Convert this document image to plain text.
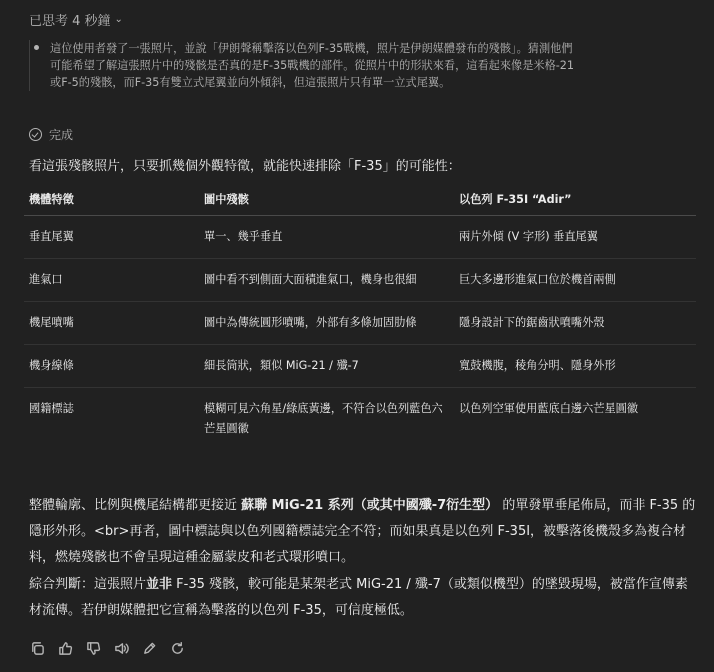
已思考 4 秒鐘 ⌄
這位使用者發了一張照片，並說「伊朗聲稱擊落以色列F-35戰機，照片是伊朗媒體發布的殘骸」。猜測他們可能希望了解這張照片中的殘骸是否真的是F-35戰機的部件。從照片中的形狀來看，這看起來像是米格-21或F-5的殘骸，而F-35有雙立式尾翼並向外傾斜，但這張照片只有單一立式尾翼。
完成
看這張殘骸照片，只要抓幾個外觀特徵，就能快速排除「F-35」的可能性：
機體特徵	圖中殘骸	以色列 F-35I “Adir”
垂直尾翼	單一、幾乎垂直	兩片外傾 (V 字形) 垂直尾翼
進氣口	圖中看不到側面大面積進氣口，機身也很細	巨大多邊形進氣口位於機首兩側
機尾噴嘴	圖中為傳統圓形噴嘴，外部有多條加固肋條	隱身設計下的鋸齒狀噴嘴外殼
機身線條	細長筒狀，類似 MiG-21 / 殲-7	寬鼓機腹，稜角分明、隱身外形
國籍標誌	模糊可見六角星/綠底黃邊，不符合以色列藍色六芒星圓徽	以色列空軍使用藍底白邊六芒星圓徽
整體輪廓、比例與機尾結構都更接近 蘇聯 MiG-21 系列（或其中國殲-7衍生型） 的單發單垂尾佈局，而非 F-35 的隱形外形。<br>再者，圖中標誌與以色列國籍標誌完全不符；而如果真是以色列 F-35I，被擊落後機殼多為複合材料，燃燒殘骸也不會呈現這種金屬蒙皮和老式環形噴口。
綜合判斷：這張照片並非 F-35 殘骸，較可能是某架老式 MiG-21 / 殲-7（或類似機型）的墜毀現場，被當作宣傳素材流傳。若伊朗媒體把它宣稱為擊落的以色列 F-35，可信度極低。
